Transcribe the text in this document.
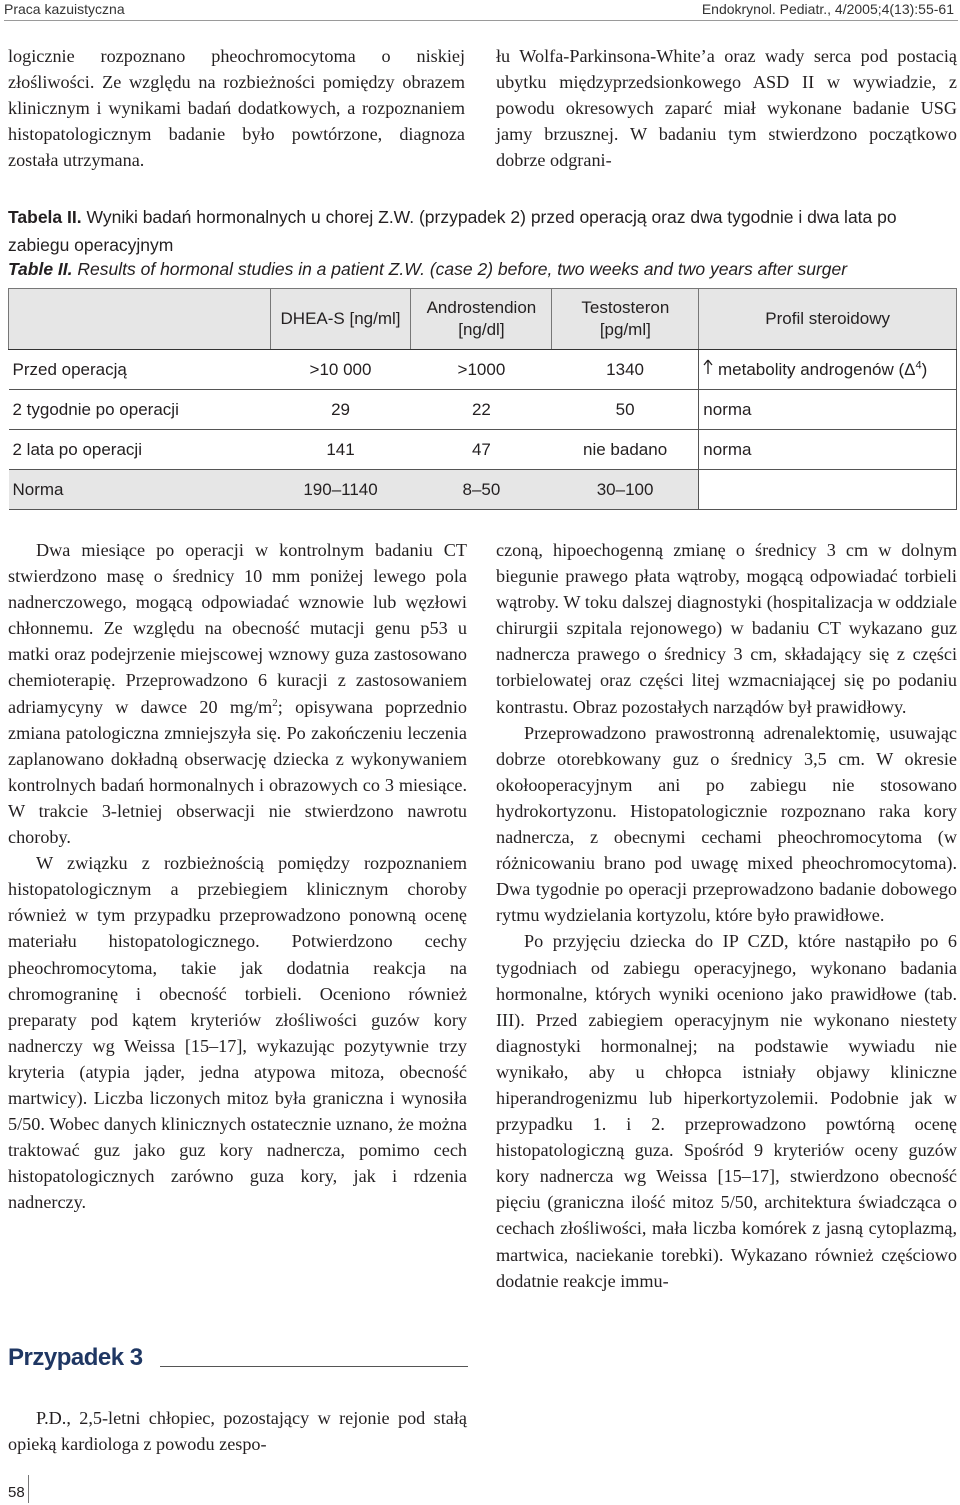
Praca kazuistyczna	Endokrynol. Pediatr., 4/2005;4(13):55-61

logicznie rozpoznano pheochromocytoma o niskiej złośliwości. Ze względu na rozbieżności pomiędzy obrazem klinicznym i wynikami badań dodatkowych, a rozpoznaniem histopatologicznym badanie było powtórzone, diagnoza została utrzymana.

łu Wolfa-Parkinsona-White’a oraz wady serca pod postacią ubytku międzyprzedsionkowego ASD II w wywiadzie, z powodu okresowych zaparć miał wykonane badanie USG jamy brzusznej. W badaniu tym stwierdzono początkowo dobrze odgrani-

Tabela II. Wyniki badań hormonalnych u chorej Z.W. (przypadek 2) przed operacją oraz dwa tygodnie i dwa lata po zabiegu operacyjnym
Table II. Results of hormonal studies in a patient Z.W. (case 2) before, two weeks and two years after surger
	DHEA-S [ng/ml]	Androstendion [ng/dl]	Testosteron [pg/ml]	Profil steroidowy
Przed operacją	>10 000	>1000	1340	metabolity androgenów $(\Delta^4)$
2 tygodnie po operacji	29	22	50	norma
2 lata po operacji	141	47	nie badano	norma
Norma	190–1140	8–50	30–100	

Dwa miesiące po operacji w kontrolnym badaniu CT stwierdzono masę o średnicy 10 mm poniżej lewego pola nadnerczowego, mogącą odpowiadać wznowie lub węzłowi chłonnemu. Ze względu na obecność mutacji genu p53 u matki oraz podejrzenie miejscowej wznowy guza zastosowano chemioterapię. Przeprowadzono 6 kuracji z zastosowaniem adriamycyny w dawce 20 $mg/m^2$; opisywana poprzednio zmiana patologiczna zmniejszyła się. Po zakończeniu leczenia zaplanowano dokładną obserwację dziecka z wykonywaniem kontrolnych badań hormonalnych i obrazowych co 3 miesiące. W trakcie 3-letniej obserwacji nie stwierdzono nawrotu choroby.

W związku z rozbieżnością pomiędzy rozpoznaniem histopatologicznym a przebiegiem klinicznym choroby również w tym przypadku przeprowadzono ponowną ocenę materiału histopatologicznego. Potwierdzono cechy pheochromocytoma, takie jak dodatnia reakcja na chromograninę i obecność torbieli. Oceniono również preparaty pod kątem kryteriów złośliwości guzów kory nadnerczy wg Weissa [15–17], wykazując pozytywnie trzy kryteria (atypia jąder, jedna atypowa mitoza, obecność martwicy). Liczba liczonych mitoz była graniczna i wynosiła 5/50. Wobec danych klinicznych ostatecznie uznano, że można traktować guz jako guz kory nadnercza, pomimo cech histopatologicznych zarówno guza kory, jak i rdzenia nadnerczy.

Przypadek 3

P.D., 2,5-letni chłopiec, pozostający w rejonie pod stałą opieką kardiologa z powodu zespo-

czoną, hipoechogenną zmianę o średnicy 3 cm w dolnym biegunie prawego płata wątroby, mogącą odpowiadać torbieli wątroby. W toku dalszej diagnostyki (hospitalizacja w oddziale chirurgii szpitala rejonowego) w badaniu CT wykazano guz nadnercza prawego o średnicy 3 cm, składający się z części torbielowatej oraz części litej wzmacniającej się po podaniu kontrastu. Obraz pozostałych narządów był prawidłowy.

Przeprowadzono prawostronną adrenalektomię, usuwając dobrze otorebkowany guz o średnicy 3,5 cm. W okresie okołooperacyjnym ani po zabiegu nie stosowano hydrokortyzonu. Histopatologicznie rozpoznano raka kory nadnercza, z obecnymi cechami pheochromocytoma (w różnicowaniu brano pod uwagę mixed pheochromocytoma). Dwa tygodnie po operacji przeprowadzono badanie dobowego rytmu wydzielania kortyzolu, które było prawidłowe.

Po przyjęciu dziecka do IP CZD, które nastąpiło po 6 tygodniach od zabiegu operacyjnego, wykonano badania hormonalne, których wyniki oceniono jako prawidłowe (tab. III). Przed zabiegiem operacyjnym nie wykonano niestety diagnostyki hormonalnej; na podstawie wywiadu nie wynikało, aby u chłopca istniały objawy kliniczne hiperandrogenizmu lub hiperkortyzolemii. Podobnie jak w przypadku 1. i 2. przeprowadzono powtórną ocenę histopatologiczną guza. Spośród 9 kryteriów oceny guzów kory nadnercza wg Weissa [15–17], stwierdzono obecność pięciu (graniczna ilość mitoz 5/50, architektura świadcząca o cechach złośliwości, mała liczba komórek z jasną cytoplazmą, martwica, naciekanie torebki). Wykazano również częściowo dodatnie reakcje immu-

58
